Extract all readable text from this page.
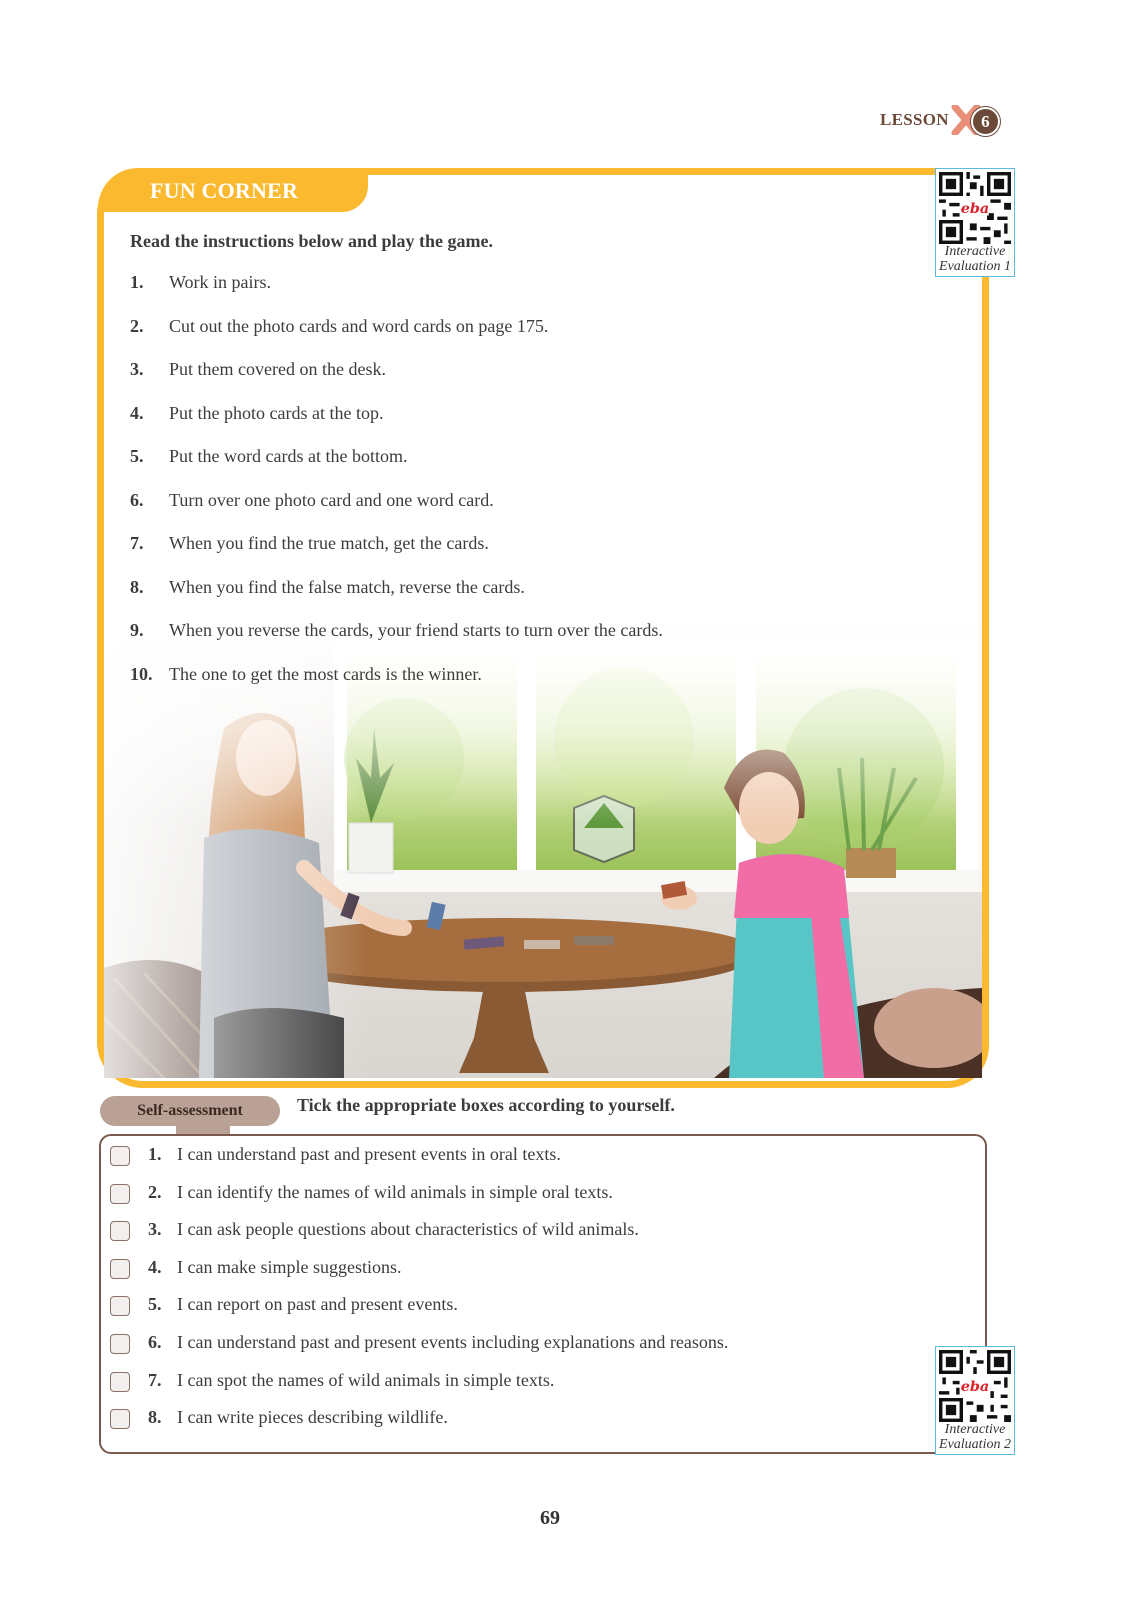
LESSON	6
FUN CORNER
Read the instructions below and play the game.
1.	Work in pairs.
2.	Cut out the photo cards and word cards on page 175.
3.	Put them covered on the desk.
4.	Put the photo cards at the top.
5.	Put the word cards at the bottom.
6.	Turn over one photo card and one word card.
7.	When you find the true match, get the cards.
8.	When you find the false match, reverse the cards.
9.	When you reverse the cards, your friend starts to turn over the cards.
10. The one to get the most cards is the winner.
eba
Interactive
Evaluation 1
Self-assessment	Tick the appropriate boxes according to yourself.
1. I can understand past and present events in oral texts.
2. I can identify the names of wild animals in simple oral texts.
3. I can ask people questions about characteristics of wild animals.
4. I can make simple suggestions.
5. I can report on past and present events.
6. I can understand past and present events including explanations and reasons.
7. I can spot the names of wild animals in simple texts.
8. I can write pieces describing wildlife.
eba
Interactive
Evaluation 2
69
